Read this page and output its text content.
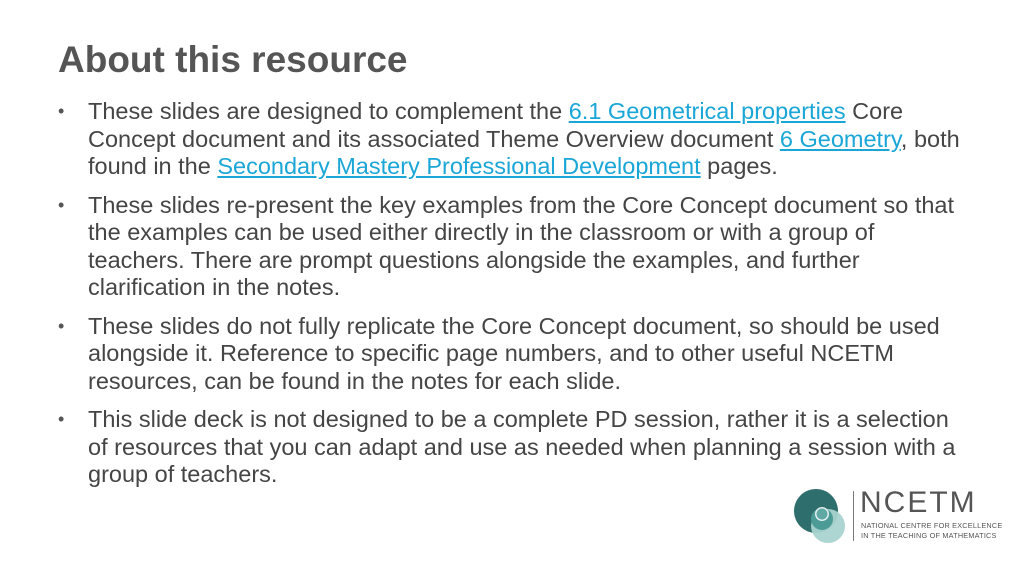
About this resource
•	These slides are designed to complement the 6.1 Geometrical properties Core Concept document and its associated Theme Overview document 6 Geometry, both found in the Secondary Mastery Professional Development pages.
•	These slides re-present the key examples from the Core Concept document so that the examples can be used either directly in the classroom or with a group of teachers. There are prompt questions alongside the examples, and further clarification in the notes.
•	These slides do not fully replicate the Core Concept document, so should be used alongside it. Reference to specific page numbers, and to other useful NCETM resources, can be found in the notes for each slide.
•	This slide deck is not designed to be a complete PD session, rather it is a selection of resources that you can adapt and use as needed when planning a session with a group of teachers.
NCETM
NATIONAL CENTRE FOR EXCELLENCE
IN THE TEACHING OF MATHEMATICS
